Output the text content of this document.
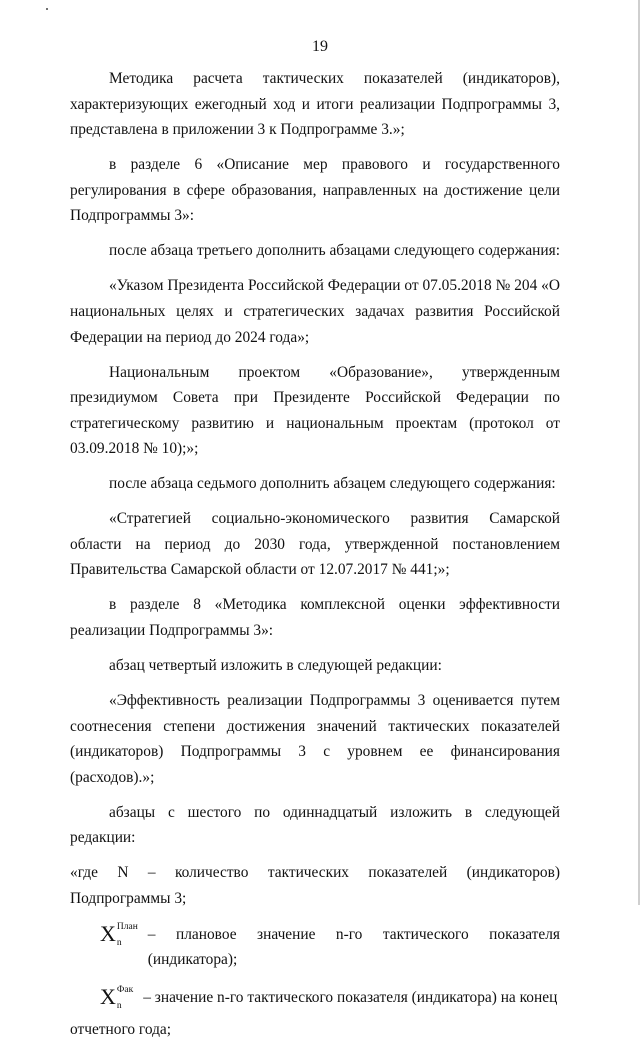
19

Методика расчета тактических показателей (индикаторов), характеризующих ежегодный ход и итоги реализации Подпрограммы 3, представлена в приложении 3 к Подпрограмме 3.»;

в разделе 6 «Описание мер правового и государственного регулирования в сфере образования, направленных на достижение цели Подпрограммы 3»:

после абзаца третьего дополнить абзацами следующего содержания:

«Указом Президента Российской Федерации от 07.05.2018 № 204 «О национальных целях и стратегических задачах развития Российской Федерации на период до 2024 года»;

Национальным проектом «Образование», утвержденным президиумом Совета при Президенте Российской Федерации по стратегическому развитию и национальным проектам (протокол от 03.09.2018 № 10);»;

после абзаца седьмого дополнить абзацем следующего содержания:

«Стратегией социально-экономического развития Самарской области на период до 2030 года, утвержденной постановлением Правительства Самарской области от 12.07.2017 № 441;»;

в разделе 8 «Методика комплексной оценки эффективности реализации Подпрограммы 3»:

абзац четвертый изложить в следующей редакции:

«Эффективность реализации Подпрограммы 3 оценивается путем соотнесения степени достижения значений тактических показателей (индикаторов) Подпрограммы 3 с уровнем ее финансирования (расходов).»;

абзацы с шестого по одиннадцатый изложить в следующей редакции:

«где N – количество тактических показателей (индикаторов) Подпрограммы 3;

X План
n	– плановое значение n-го тактического показателя (индикатора);
X Фак
n	– значение n-го тактического показателя (индикатора) на конец

отчетного года;
